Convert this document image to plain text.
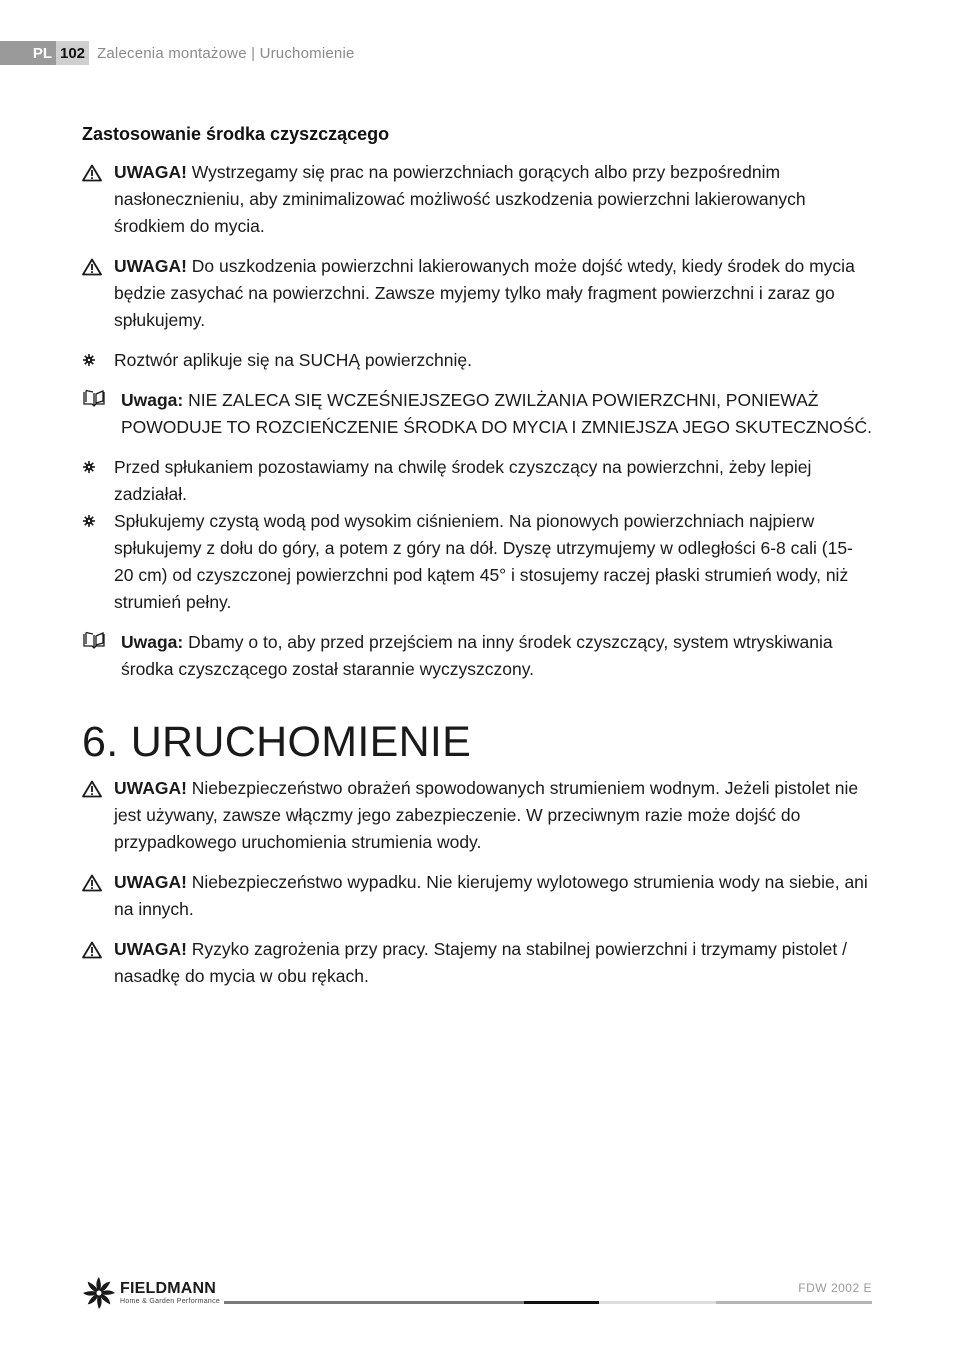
PL 102 Zalecenia montażowe | Uruchomienie
Zastosowanie środka czyszczącego
UWAGA! Wystrzegamy się prac na powierzchniach gorących albo przy bezpośrednim nasłonecznieniu, aby zminimalizować możliwość uszkodzenia powierzchni lakierowanych środkiem do mycia.
UWAGA! Do uszkodzenia powierzchni lakierowanych może dojść wtedy, kiedy środek do mycia będzie zasychać na powierzchni. Zawsze myjemy tylko mały fragment powierzchni i zaraz go spłukujemy.
Roztwór aplikuje się na SUCHĄ powierzchnię.
Uwaga: NIE ZALECA SIĘ WCZEŚNIEJSZEGO ZWILŻANIA POWIERZCHNI, PONIEWAŻ POWODUJE TO ROZCIEŃCZENIE ŚRODKA DO MYCIA I ZMNIEJSZA JEGO SKUTECZNOŚĆ.
Przed spłukaniem pozostawiamy na chwilę środek czyszczący na powierzchni, żeby lepiej zadziałał.
Spłukujemy czystą wodą pod wysokim ciśnieniem. Na pionowych powierzchniach najpierw spłukujemy z dołu do góry, a potem z góry na dół. Dyszę utrzymujemy w odległości 6-8 cali (15-20 cm) od czyszczonej powierzchni pod kątem 45° i stosujemy raczej płaski strumień wody, niż strumień pełny.
Uwaga: Dbamy o to, aby przed przejściem na inny środek czyszczący, system wtryskiwania środka czyszczącego został starannie wyczyszczony.
6. URUCHOMIENIE
UWAGA! Niebezpieczeństwo obrażeń spowodowanych strumieniem wodnym. Jeżeli pistolet nie jest używany, zawsze włączmy jego zabezpieczenie. W przeciwnym razie może dojść do przypadkowego uruchomienia strumienia wody.
UWAGA! Niebezpieczeństwo wypadku. Nie kierujemy wylotowego strumienia wody na siebie, ani na innych.
UWAGA! Ryzyko zagrożenia przy pracy. Stajemy na stabilnej powierzchni i trzymamy pistolet / nasadkę do mycia w obu rękach.
FIELDMANN
Home & Garden Performance
FDW 2002 E
